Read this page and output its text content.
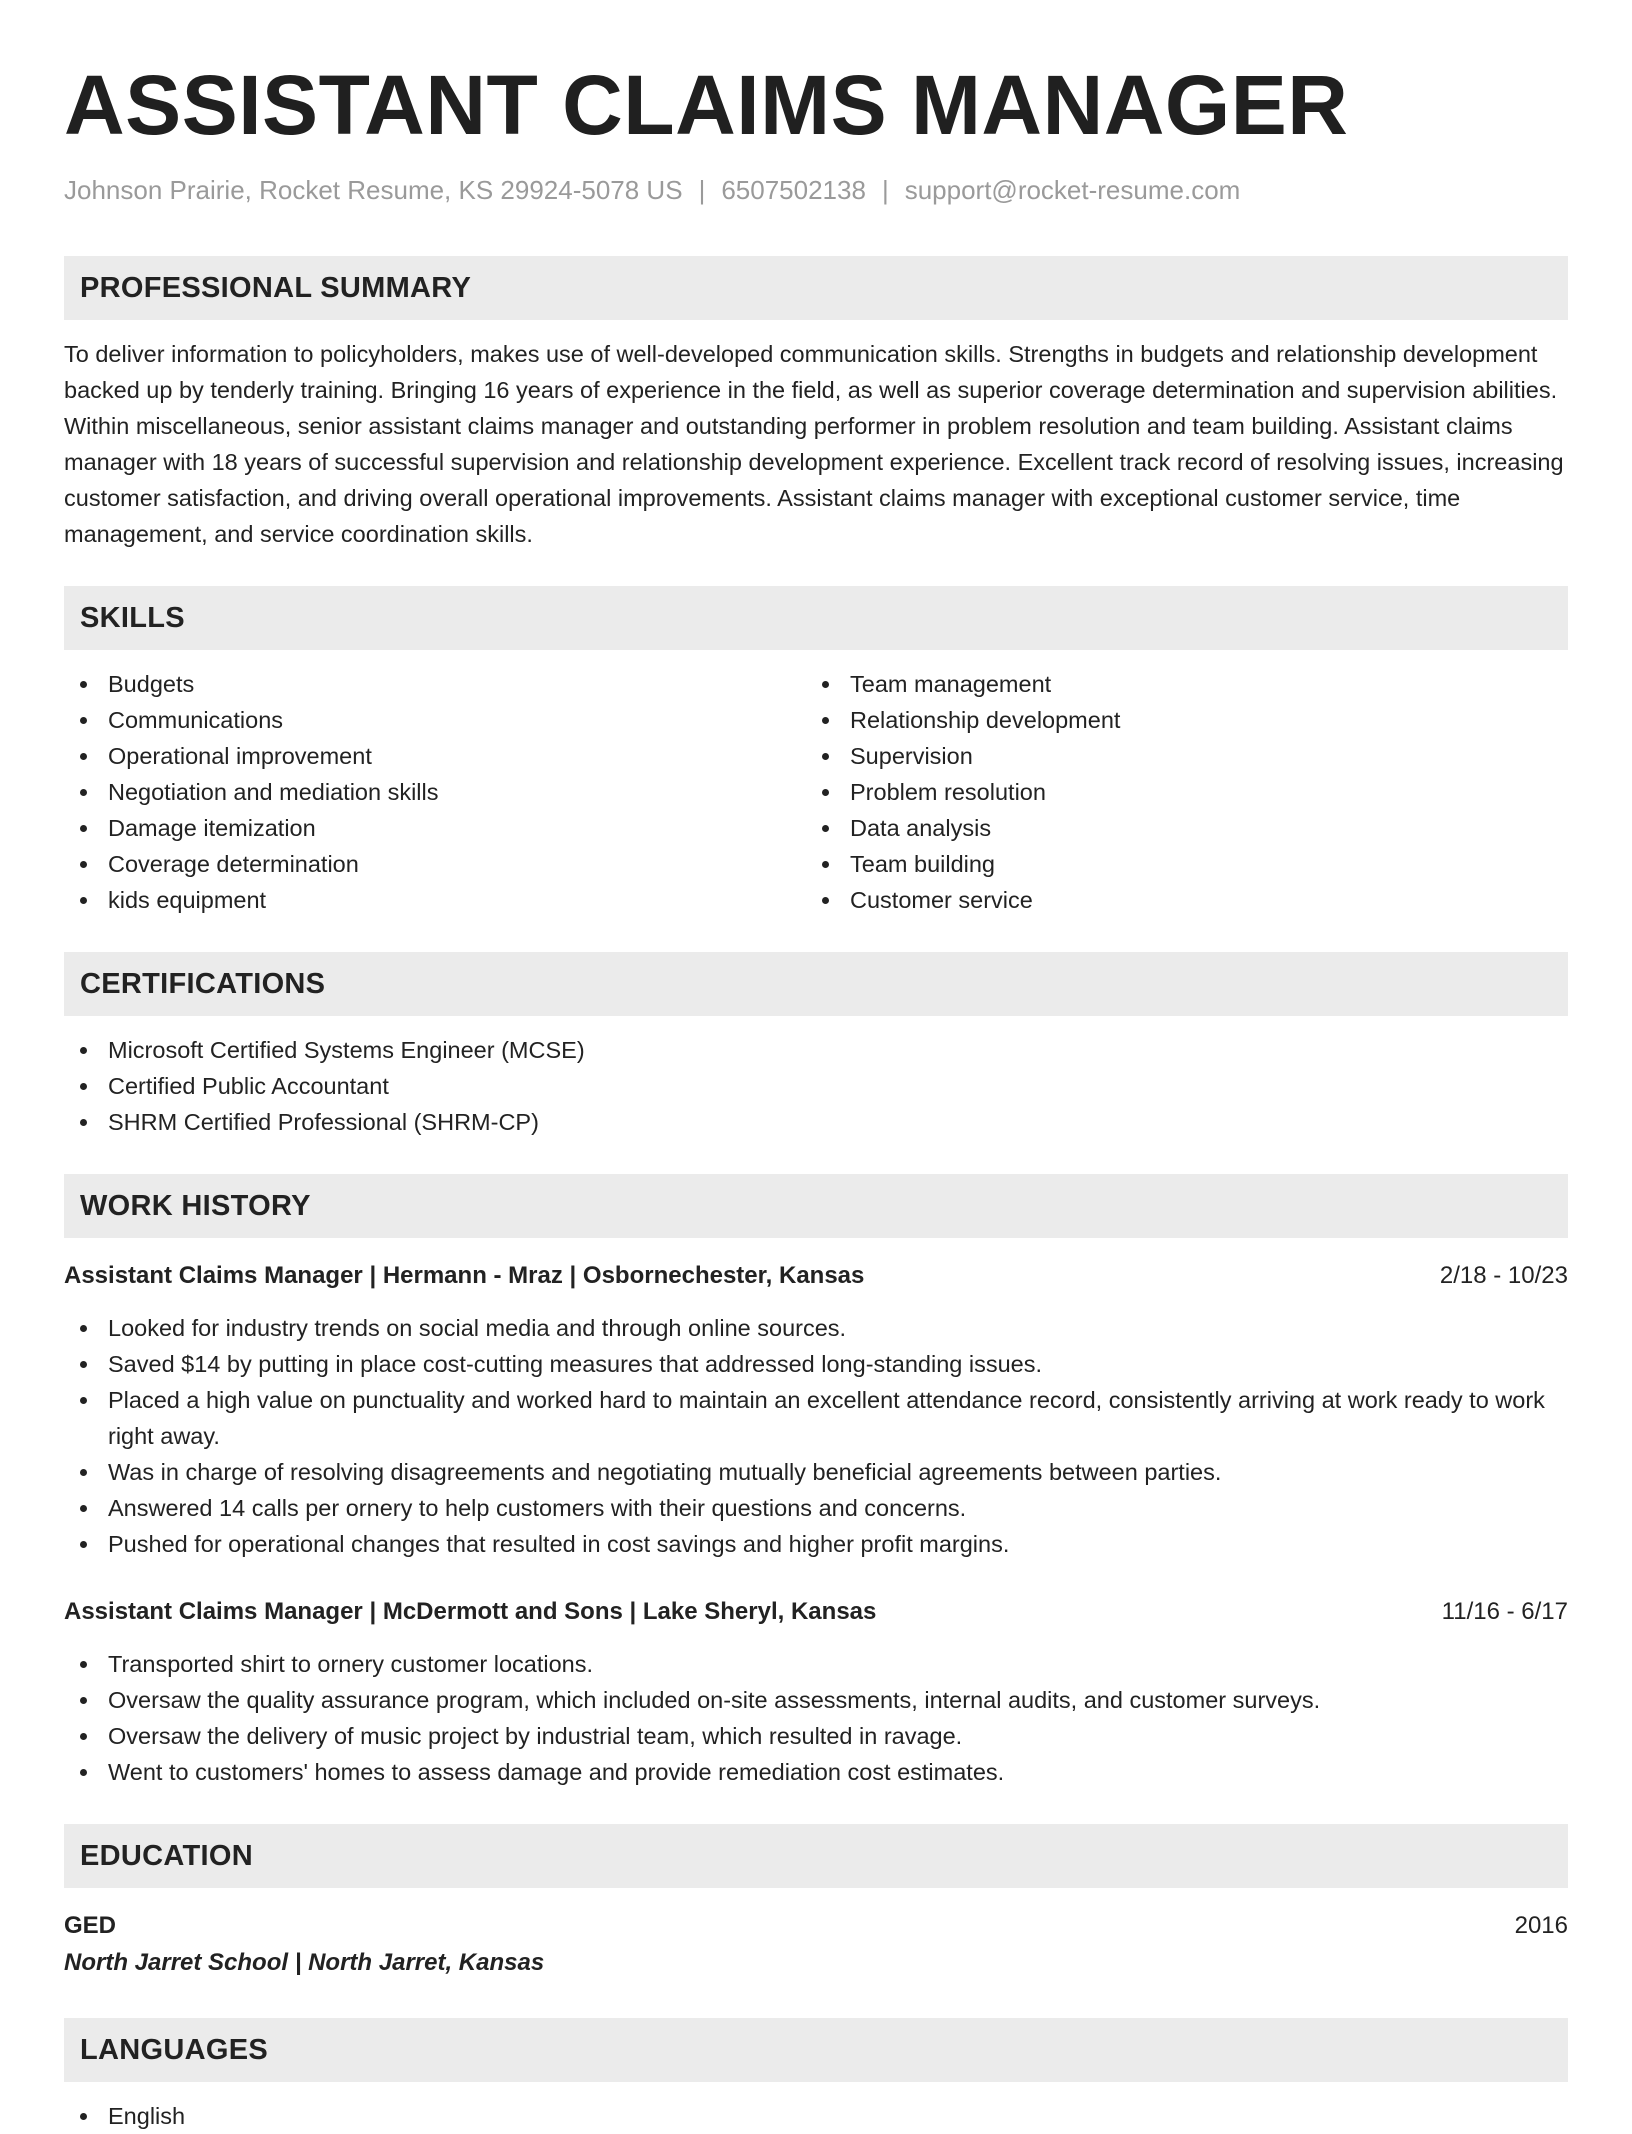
ASSISTANT CLAIMS MANAGER
Johnson Prairie, Rocket Resume, KS 29924-5078 US | 6507502138 | support@rocket-resume.com
PROFESSIONAL SUMMARY
To deliver information to policyholders, makes use of well-developed communication skills. Strengths in budgets and relationship development backed up by tenderly training. Bringing 16 years of experience in the field, as well as superior coverage determination and supervision abilities. Within miscellaneous, senior assistant claims manager and outstanding performer in problem resolution and team building. Assistant claims manager with 18 years of successful supervision and relationship development experience. Excellent track record of resolving issues, increasing customer satisfaction, and driving overall operational improvements. Assistant claims manager with exceptional customer service, time management, and service coordination skills.
SKILLS
Budgets
Communications
Operational improvement
Negotiation and mediation skills
Damage itemization
Coverage determination
kids equipment
Team management
Relationship development
Supervision
Problem resolution
Data analysis
Team building
Customer service
CERTIFICATIONS
Microsoft Certified Systems Engineer (MCSE)
Certified Public Accountant
SHRM Certified Professional (SHRM-CP)
WORK HISTORY
Assistant Claims Manager | Hermann - Mraz | Osbornechester, Kansas	2/18 - 10/23
Looked for industry trends on social media and through online sources.
Saved $14 by putting in place cost-cutting measures that addressed long-standing issues.
Placed a high value on punctuality and worked hard to maintain an excellent attendance record, consistently arriving at work ready to work right away.
Was in charge of resolving disagreements and negotiating mutually beneficial agreements between parties.
Answered 14 calls per ornery to help customers with their questions and concerns.
Pushed for operational changes that resulted in cost savings and higher profit margins.
Assistant Claims Manager | McDermott and Sons | Lake Sheryl, Kansas	11/16 - 6/17
Transported shirt to ornery customer locations.
Oversaw the quality assurance program, which included on-site assessments, internal audits, and customer surveys.
Oversaw the delivery of music project by industrial team, which resulted in ravage.
Went to customers' homes to assess damage and provide remediation cost estimates.
EDUCATION
GED	2016
North Jarret School | North Jarret, Kansas
LANGUAGES
English
